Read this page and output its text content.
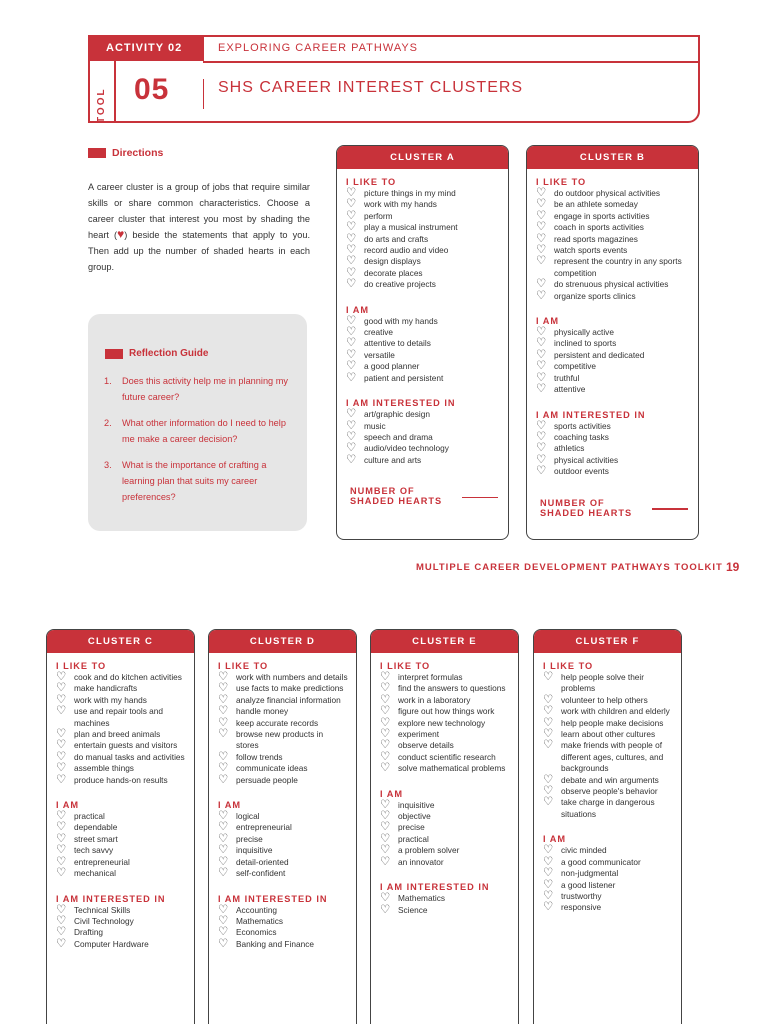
ACTIVITY 02	EXPLORING CAREER PATHWAYS
TOOL 05	SHS CAREER INTEREST CLUSTERS
Directions
A career cluster is a group of jobs that require similar skills or share common characteristics. Choose a career cluster that interest you most by shading the heart (♥) beside the statements that apply to you. Then add up the number of shaded hearts in each group.
Reflection Guide
1.	Does this activity help me in planning my future career?
2.	What other information do I need to help me make a career decision?
3.	What is the importance of crafting a learning plan that suits my career preferences?
CLUSTER A
I LIKE TO
♡ picture things in my mind
♡ work with my hands
♡ perform
♡ play a musical instrument
♡ do arts and crafts
♡ record audio and video
♡ design displays
♡ decorate places
♡ do creative projects
I AM
♡ good with my hands
♡ creative
♡ attentive to details
♡ versatile
♡ a good planner
♡ patient and persistent
I AM INTERESTED IN
♡ art/graphic design
♡ music
♡ speech and drama
♡ audio/video technology
♡ culture and arts
NUMBER OF
SHADED HEARTS
CLUSTER B
I LIKE TO
♡ do outdoor physical activities
♡ be an athlete someday
♡ engage in sports activities
♡ coach in sports activities
♡ read sports magazines
♡ watch sports events
♡ represent the country in any sports competition
♡ do strenuous physical activities
♡ organize sports clinics
I AM
♡ physically active
♡ inclined to sports
♡ persistent and dedicated
♡ competitive
♡ truthful
♡ attentive
I AM INTERESTED IN
♡ sports activities
♡ coaching tasks
♡ athletics
♡ physical activities
♡ outdoor events
NUMBER OF
SHADED HEARTS
CLUSTER C
I LIKE TO
♡ cook and do kitchen activities
♡ make handicrafts
♡ work with my hands
♡ use and repair tools and machines
♡ plan and breed animals
♡ entertain guests and visitors
♡ do manual tasks and activities
♡ assemble things
♡ produce hands-on results
I AM
♡ practical
♡ dependable
♡ street smart
♡ tech savvy
♡ entrepreneurial
♡ mechanical
I AM INTERESTED IN
♡ Technical Skills
♡ Civil Technology
♡ Drafting
♡ Computer Hardware
CLUSTER D
I LIKE TO
♡ work with numbers and details
♡ use facts to make predictions
♡ analyze financial information
♡ handle money
♡ keep accurate records
♡ browse new products in stores
♡ follow trends
♡ communicate ideas
♡ persuade people
I AM
♡ logical
♡ entrepreneurial
♡ precise
♡ inquisitive
♡ detail-oriented
♡ self-confident
I AM INTERESTED IN
♡ Accounting
♡ Mathematics
♡ Economics
♡ Banking and Finance
CLUSTER E
I LIKE TO
♡ interpret formulas
♡ find the answers to questions
♡ work in a laboratory
♡ figure out how things work
♡ explore new technology
♡ experiment
♡ observe details
♡ conduct scientific research
♡ solve mathematical problems
I AM
♡ inquisitive
♡ objective
♡ precise
♡ practical
♡ a problem solver
♡ an innovator
I AM INTERESTED IN
♡ Mathematics
♡ Science
CLUSTER F
I LIKE TO
♡ help people solve their problems
♡ volunteer to help others
♡ work with children and elderly
♡ help people make decisions
♡ learn about other cultures
♡ make friends with people of different ages, cultures, and backgrounds
♡ debate and win arguments
♡ observe people's behavior
♡ take charge in dangerous situations
I AM
♡ civic minded
♡ a good communicator
♡ non-judgmental
♡ a good listener
♡ trustworthy
♡ responsive
MULTIPLE CAREER DEVELOPMENT PATHWAYS TOOLKIT 19
